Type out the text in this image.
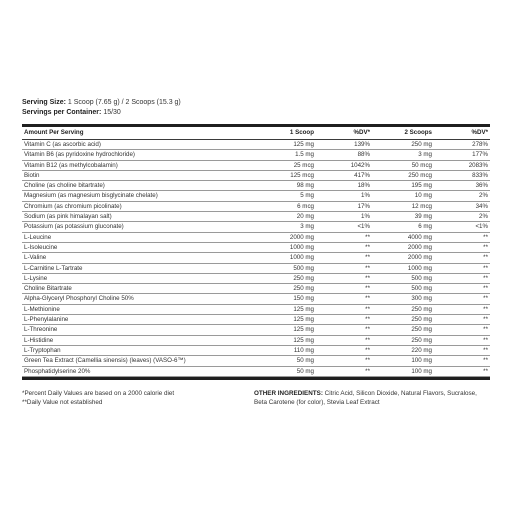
Serving Size: 1 Scoop (7.65 g) / 2 Scoops (15.3 g)
Servings per Container: 15/30
Amount Per Serving	1 Scoop	%DV*	2 Scoops	%DV*
Vitamin C (as ascorbic acid)	125 mg	139%	250 mg	278%
Vitamin B6 (as pyridoxine hydrochloride)	1.5 mg	88%	3 mg	177%
Vitamin B12 (as methylcobalamin)	25 mcg	1042%	50 mcg	2083%
Biotin	125 mcg	417%	250 mcg	833%
Choline (as choline bitartrate)	98 mg	18%	195 mg	36%
Magnesium (as magnesium bisglycinate chelate)	5 mg	1%	10 mg	2%
Chromium (as chromium picolinate)	6 mcg	17%	12 mcg	34%
Sodium (as pink himalayan salt)	20 mg	1%	39 mg	2%
Potassium (as potassium gluconate)	3 mg	<1%	6 mg	<1%
L-Leucine	2000 mg	**	4000 mg	**
L-Isoleucine	1000 mg	**	2000 mg	**
L-Valine	1000 mg	**	2000 mg	**
L-Carnitine L-Tartrate	500 mg	**	1000 mg	**
L-Lysine	250 mg	**	500 mg	**
Choline Bitartrate	250 mg	**	500 mg	**
Alpha-Glyceryl Phosphoryl Choline 50%	150 mg	**	300 mg	**
L-Methionine	125 mg	**	250 mg	**
L-Phenylalanine	125 mg	**	250 mg	**
L-Threonine	125 mg	**	250 mg	**
L-Histidine	125 mg	**	250 mg	**
L-Tryptophan	110 mg	**	220 mg	**
Green Tea Extract (Camellia sinensis) (leaves) (VASO-6™)	50 mg	**	100 mg	**
Phosphatidylserine 20%	50 mg	**	100 mg	**
*Percent Daily Values are based on a 2000 calorie diet
**Daily Value not established
OTHER INGREDIENTS: Citric Acid, Silicon Dioxide, Natural Flavors, Sucralose, Beta Carotene (for color), Stevia Leaf Extract
